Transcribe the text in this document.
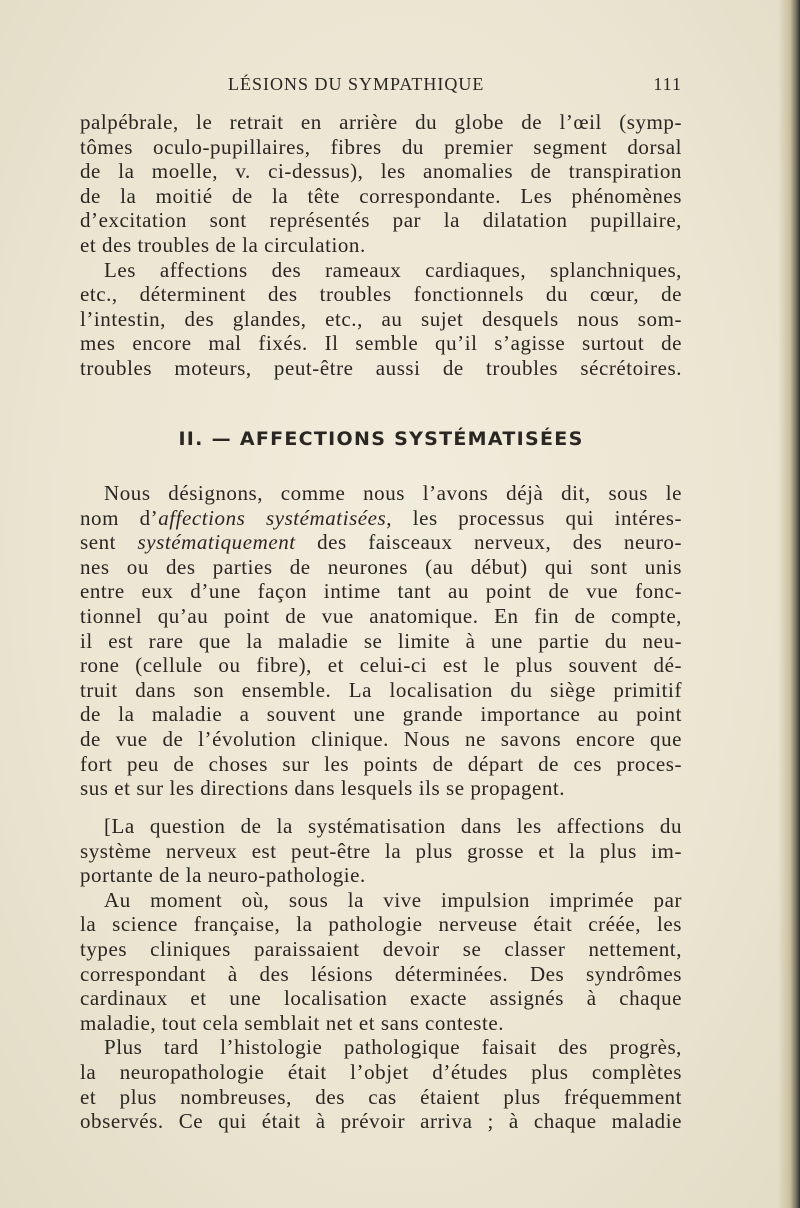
LÉSIONS DU SYMPATHIQUE	111
palpébrale, le retrait en arrière du globe de l’œil (symp-
tômes oculo-pupillaires, fibres du premier segment dorsal
de la moelle, v. ci-dessus), les anomalies de transpiration
de la moitié de la tête correspondante. Les phénomènes
d’excitation sont représentés par la dilatation pupillaire,
et des troubles de la circulation.
Les affections des rameaux cardiaques, splanchniques,
etc., déterminent des troubles fonctionnels du cœur, de
l’intestin, des glandes, etc., au sujet desquels nous som-
mes encore mal fixés. Il semble qu’il s’agisse surtout de
troubles moteurs, peut-être aussi de troubles sécrétoires.
II. — AFFECTIONS SYSTÉMATISÉES
Nous désignons, comme nous l’avons déjà dit, sous le
nom d’affections systématisées, les processus qui intéres-
sent systématiquement des faisceaux nerveux, des neuro-
nes ou des parties de neurones (au début) qui sont unis
entre eux d’une façon intime tant au point de vue fonc-
tionnel qu’au point de vue anatomique. En fin de compte,
il est rare que la maladie se limite à une partie du neu-
rone (cellule ou fibre), et celui-ci est le plus souvent dé-
truit dans son ensemble. La localisation du siège primitif
de la maladie a souvent une grande importance au point
de vue de l’évolution clinique. Nous ne savons encore que
fort peu de choses sur les points de départ de ces proces-
sus et sur les directions dans lesquels ils se propagent.
[La question de la systématisation dans les affections du
système nerveux est peut-être la plus grosse et la plus im-
portante de la neuro-pathologie.
Au moment où, sous la vive impulsion imprimée par
la science française, la pathologie nerveuse était créée, les
types cliniques paraissaient devoir se classer nettement,
correspondant à des lésions déterminées. Des syndrômes
cardinaux et une localisation exacte assignés à chaque
maladie, tout cela semblait net et sans conteste.
Plus tard l’histologie pathologique faisait des progrès,
la neuropathologie était l’objet d’études plus complètes
et plus nombreuses, des cas étaient plus fréquemment
observés. Ce qui était à prévoir arriva ; à chaque maladie
